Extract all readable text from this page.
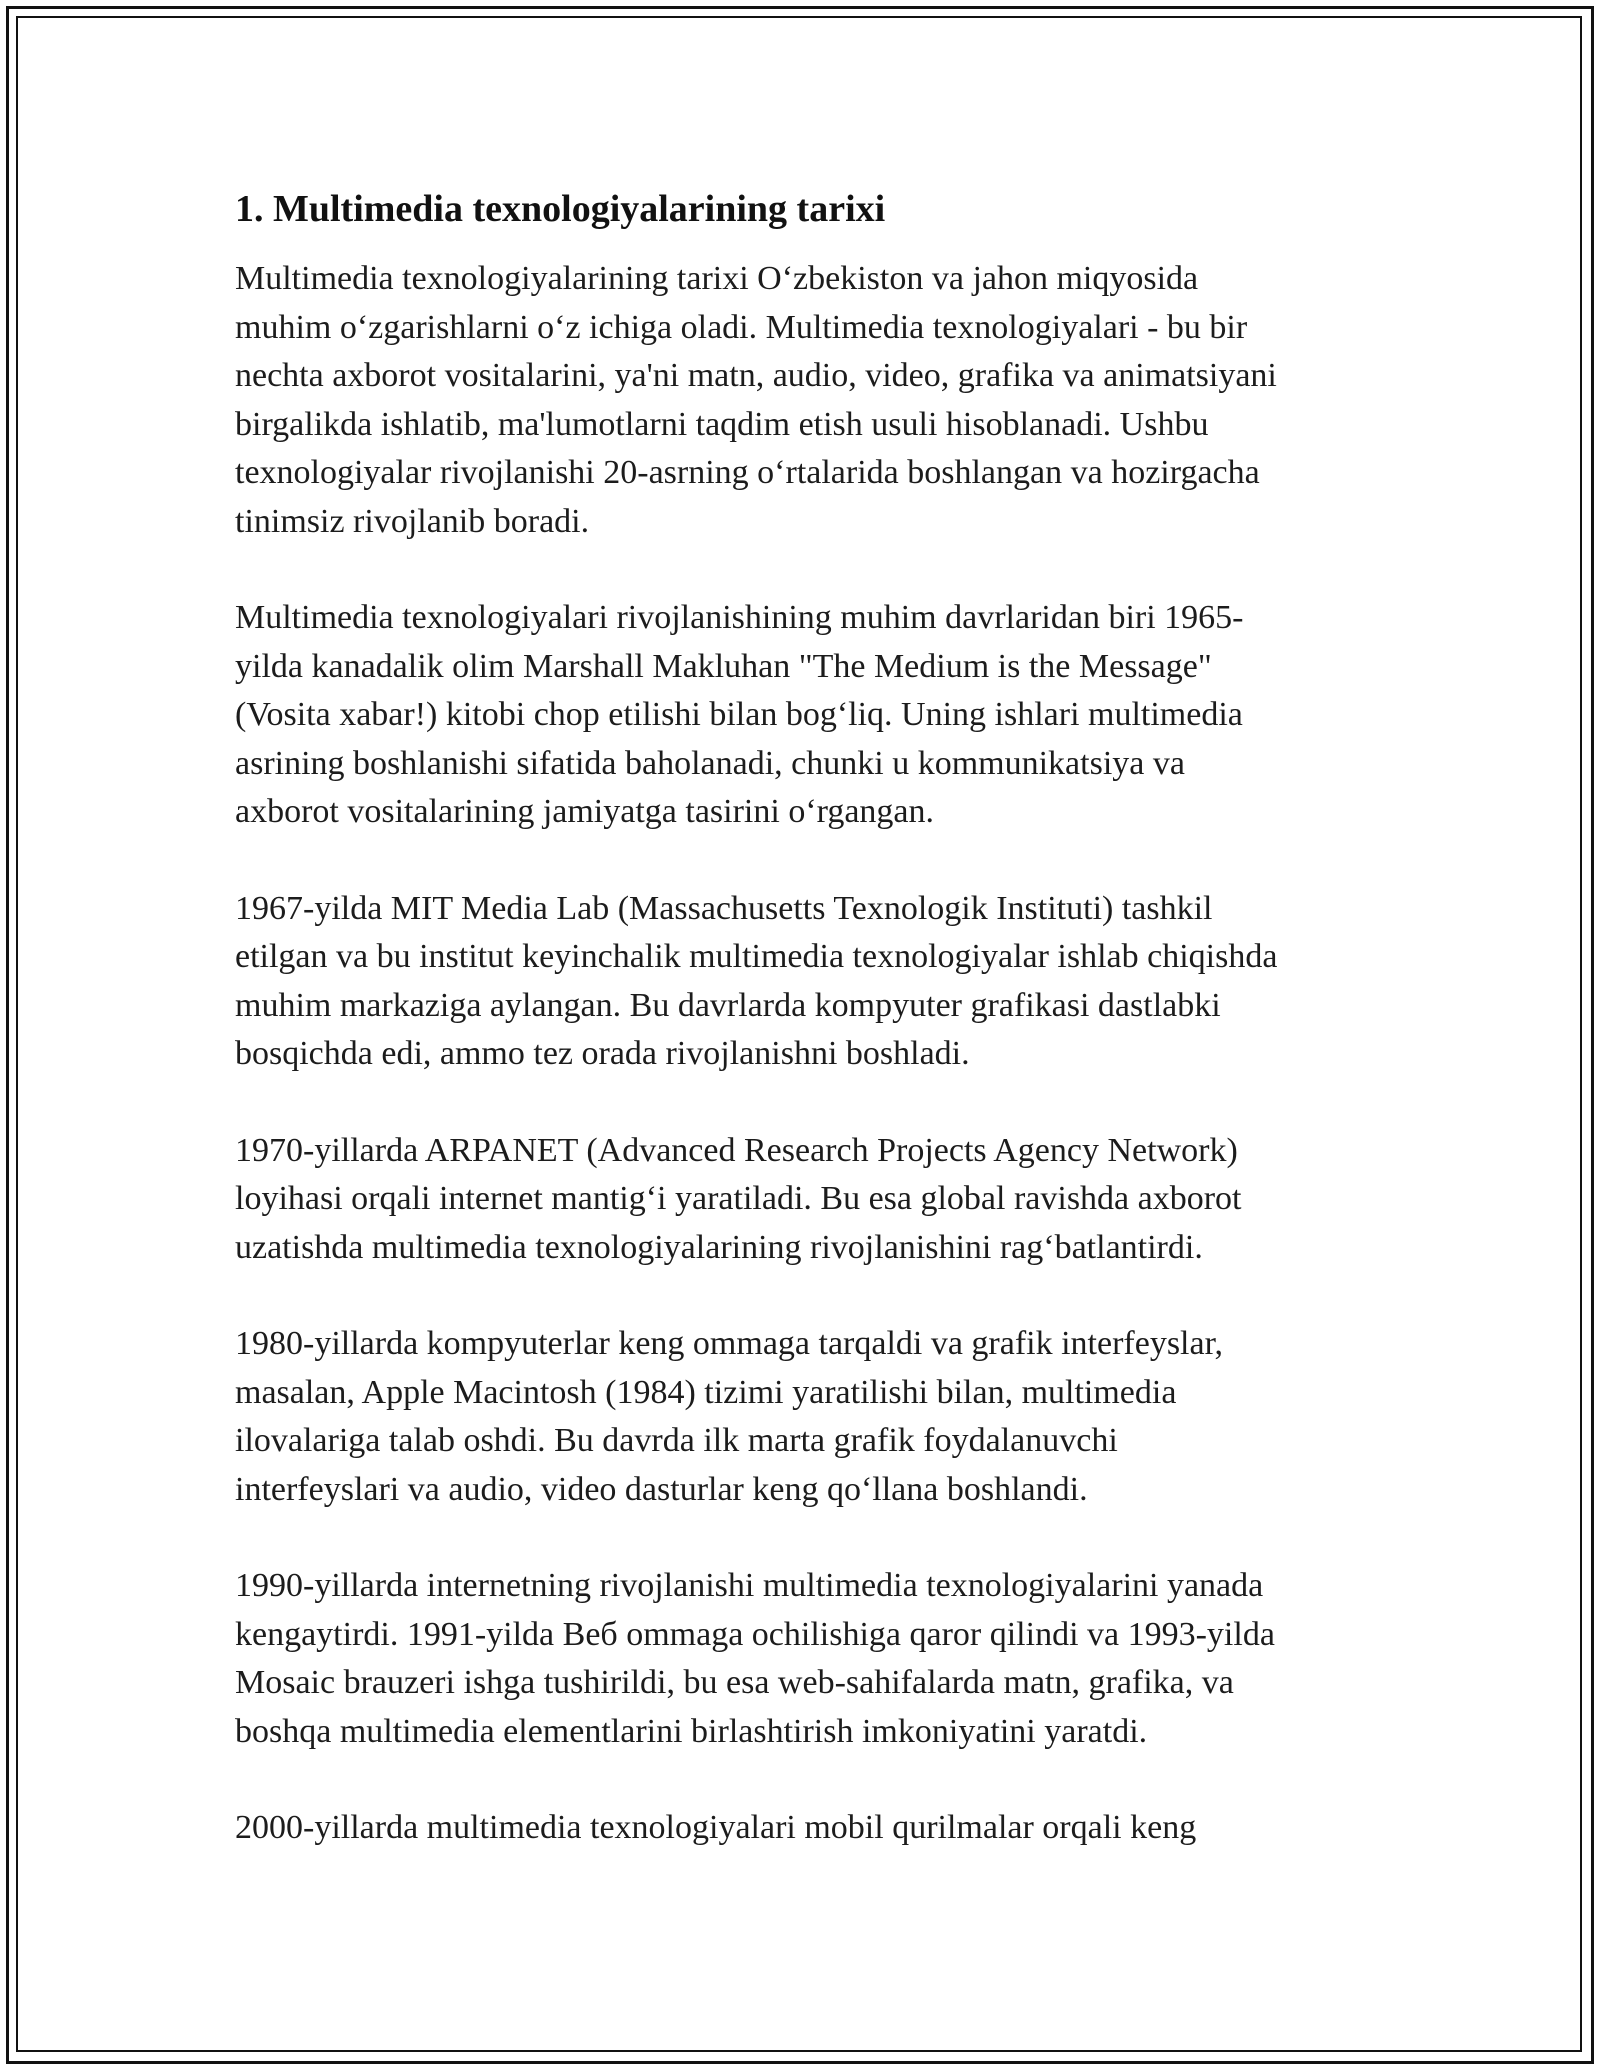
1. Multimedia texnologiyalarining tarixi

Multimedia texnologiyalarining tarixi O‘zbekiston va jahon miqyosida
muhim o‘zgarishlarni o‘z ichiga oladi. Multimedia texnologiyalari - bu bir
nechta axborot vositalarini, ya'ni matn, audio, video, grafika va animatsiyani
birgalikda ishlatib, ma'lumotlarni taqdim etish usuli hisoblanadi. Ushbu
texnologiyalar rivojlanishi 20-asrning o‘rtalarida boshlangan va hozirgacha
tinimsiz rivojlanib boradi.

Multimedia texnologiyalari rivojlanishining muhim davrlaridan biri 1965-
yilda kanadalik olim Marshall Makluhan "The Medium is the Message"
(Vosita xabar!) kitobi chop etilishi bilan bog‘liq. Uning ishlari multimedia
asrining boshlanishi sifatida baholanadi, chunki u kommunikatsiya va
axborot vositalarining jamiyatga tasirini o‘rgangan.

1967-yilda MIT Media Lab (Massachusetts Texnologik Instituti) tashkil
etilgan va bu institut keyinchalik multimedia texnologiyalar ishlab chiqishda
muhim markaziga aylangan. Bu davrlarda kompyuter grafikasi dastlabki
bosqichda edi, ammo tez orada rivojlanishni boshladi.

1970-yillarda ARPANET (Advanced Research Projects Agency Network)
loyihasi orqali internet mantig‘i yaratiladi. Bu esa global ravishda axborot
uzatishda multimedia texnologiyalarining rivojlanishini rag‘batlantirdi.

1980-yillarda kompyuterlar keng ommaga tarqaldi va grafik interfeyslar,
masalan, Apple Macintosh (1984) tizimi yaratilishi bilan, multimedia
ilovalariga talab oshdi. Bu davrda ilk marta grafik foydalanuvchi
interfeyslari va audio, video dasturlar keng qo‘llana boshlandi.

1990-yillarda internetning rivojlanishi multimedia texnologiyalarini yanada
kengaytirdi. 1991-yilda Веб ommaga ochilishiga qaror qilindi va 1993-yilda
Mosaic brauzeri ishga tushirildi, bu esa web-sahifalarda matn, grafika, va
boshqa multimedia elementlarini birlashtirish imkoniyatini yaratdi.

2000-yillarda multimedia texnologiyalari mobil qurilmalar orqali keng
